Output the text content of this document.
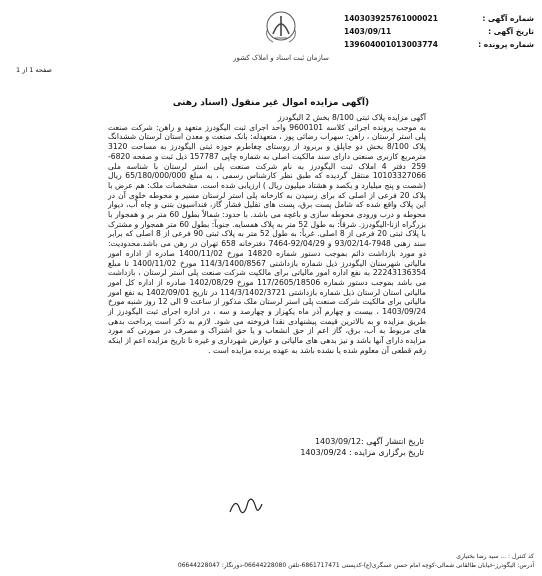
شماره آگهی :
140303925761000021
تاریخ آگهی :
1403/09/11
شماره پرونده :
139604001013003774
سازمان ثبت اسناد و املاک کشور
صفحه 1 از 1
(آگهی مزایده اموال غیر منقول (اسناد رهنی

آگهی مزایده پلاک ثبتی 8/100 بخش 2 الیگودرز

به موجب پرونده اجرائی کلاسه 9600101 واحد اجرای ثبت الیگودرز متعهد و راهن: شرکت صنعت پلی استر لرستان ، راهن: سهراب رضائی پور ، متعهدله: بانک صنعت و معدن استان لرستان ششدانگ پلاک 8/100 بخش دو جاپلق و بربرود از روستای چغاطرم حوزه ثبتی الیگودرز به مساحت 3120 مترمربع کاربری صنعتی دارای سند مالکیت اصلی به شماره چاپی 157787 ذیل ثبت و صفحه 6820-259 دفتر 4 املاک ثبت الیگودرز به نام شرکت صنعت پلی استر لرستان با شناسه ملی 10103327066 منتقل گردیده که طبق نظر کارشناس رسمی ، به مبلغ 65/180/000/000 ریال (شصت و پنج میلیارد و یکصد و هشتاد میلیون ریال ) ارزیابی شده است. مشخصات ملک: هم عرض با پلاک 20 فرعی از اصلی که برای رسیدن به کارخانه پلی استر لرستان مسیر و محوطه خلوی آن در این پلاک واقع شده که شامل پست برق، پست های تقلیل فشار گاز، فنداسیون بتنی و چاه آب، دیوار محوطه و درب ورودی محوطه سازی و باغچه می باشد. با حدود: شمالاً بطول 60 متر بر و همجوار با بزرگراه ازنا-الیگودرز. شرقاً: به طول 52 متر به پلاک همسایه. جنوباً: بطول 60 متر همجوار و مشترک با پلاک ثبتی 20 فرعی از 8 اصلی. غرباً: به طول 52 متر به پلاک ثبتی 90 فرعی از 8 اصلی که برابر سند رهنی 7948-93/02/14 و 92/04/29-7464 دفترخانه 658 تهران در رهن می باشد.محدودیت: دو مورد بازداشت دائم بموجب دستور شماره 14820 مورخ 1400/11/02 صادره از اداره امور مالیاتی شهرستان الیگودرز ذیل شماره بازداشتی 114/3/1400/8567 مورخ 1400/11/02 تا مبلغ 22243136354 به نفع اداره امور مالیاتی برای مالکیت شرکت صنعت پلی استر لرستان ، بازداشت می باشد بموجب دستور شماره 117/2605/18506 مورخ 1402/08/29 صادره از اداره کل امور مالیاتی استان لرستان ذیل شماره بازداشتی 114/3/1402/3721 در تاریخ 1402/09/01 به نفع امور مالیاتی برای مالکیت شرکت صنعت پلی استر لرستان ملک مذکور از ساعت 9 الی 12 روز شنبه مورخ 1403/09/24 ، بیست و چهارم آذر ماه یکهزار و چهارصد و سه ، در اداره اجرای ثبت الیگودرز از طریق مزایده و به بالاترین قیمت پیشنهادی نقدا فروخته می شود. لازم به ذکر است پرداخت بدهی های مربوط به آب، برق، گاز اعم از حق انشعاب و یا حق اشتراک و مصرف در صورتی که مورد مزایده دارای آنها باشد و نیز بدهی های مالیاتی و عوارض شهرداری و غیره تا تاریخ مزایده اعم از اینکه رقم قطعی آن معلوم شده یا نشده باشد به عهده برنده مزایده است .

تاریخ انتشار آگهی :1403/09/12
تاریخ برگزاری مزایده : 1403/09/24
کد کنترل : ... سید رضا بختیاری
آدرس: الیگودرز-خیابان طالقانی شمالی-کوچه امام حسن عسگری(ع)-کدپستی 6861717471-تلفن 06644228080-دورنگار: 06644228047
